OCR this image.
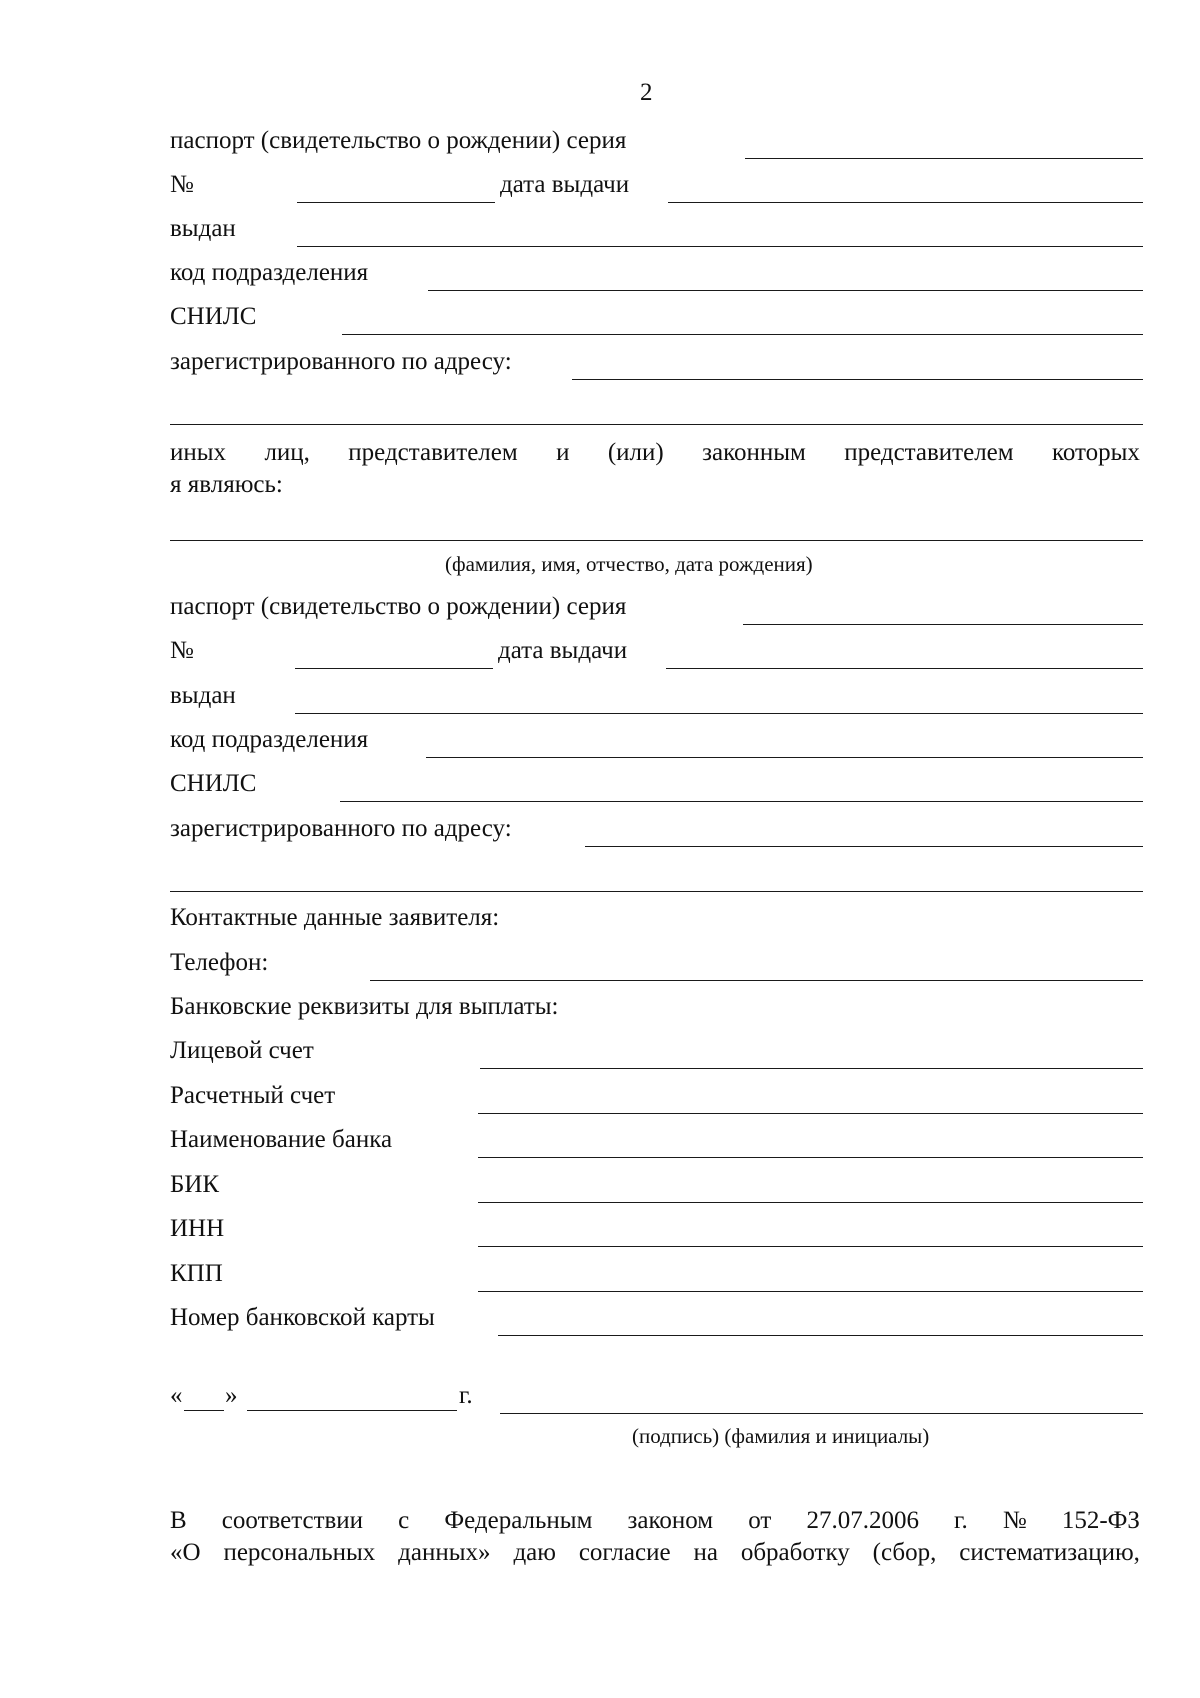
2
паспорт (свидетельство о рождении) серия
№	дата выдачи
выдан
код подразделения
СНИЛС
зарегистрированного по адресу:
иных лиц, представителем и (или) законным представителем которых
я являюсь:
(фамилия, имя, отчество, дата рождения)
паспорт (свидетельство о рождении) серия
№	дата выдачи
выдан
код подразделения
СНИЛС
зарегистрированного по адресу:
Контактные данные заявителя:
Телефон:
Банковские реквизиты для выплаты:
Лицевой счет
Расчетный счет
Наименование банка
БИК
ИНН
КПП
Номер банковской карты
« »	г.
(подпись) (фамилия и инициалы)
В соответствии с Федеральным законом от 27.07.2006 г. № 152-ФЗ
«О персональных данных» даю согласие на обработку (сбор, систематизацию,
